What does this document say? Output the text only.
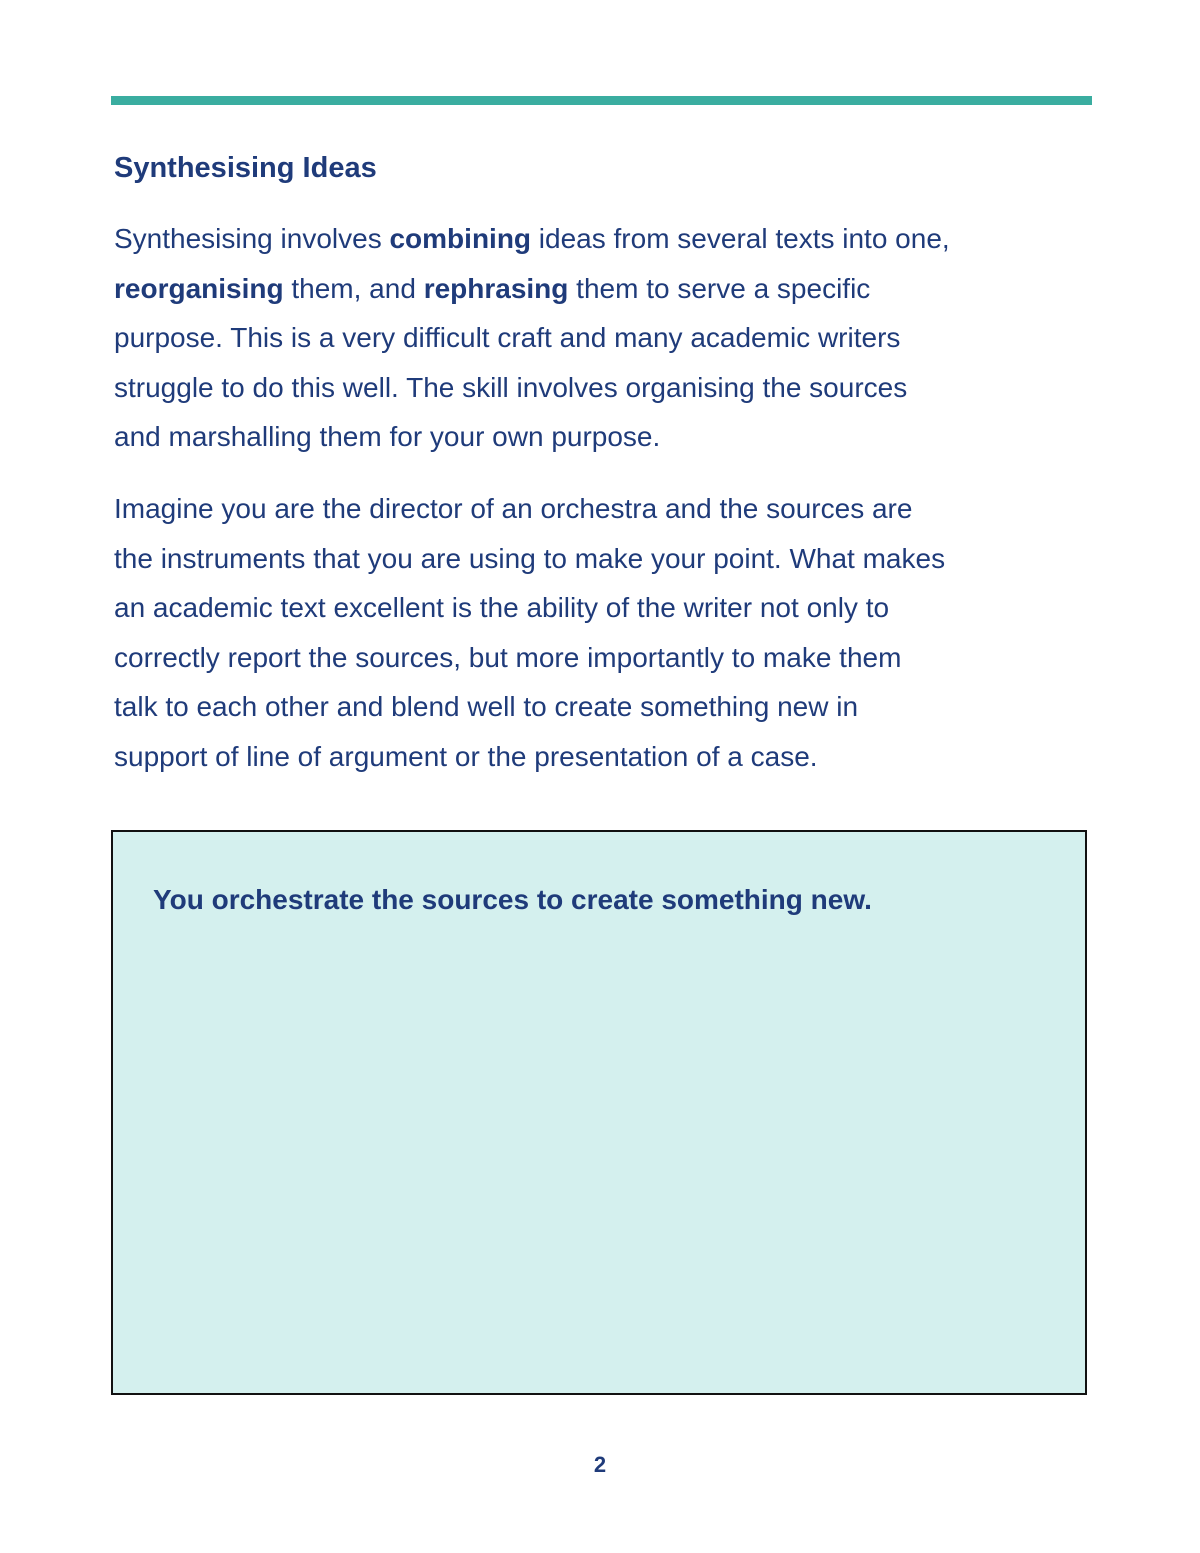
Synthesising Ideas

Synthesising involves combining ideas from several texts into one,
reorganising them, and rephrasing them to serve a specific
purpose. This is a very difficult craft and many academic writers
struggle to do this well. The skill involves organising the sources
and marshalling them for your own purpose.

Imagine you are the director of an orchestra and the sources are
the instruments that you are using to make your point. What makes
an academic text excellent is the ability of the writer not only to
correctly report the sources, but more importantly to make them
talk to each other and blend well to create something new in
support of line of argument or the presentation of a case.

You orchestrate the sources to create something new.

2
